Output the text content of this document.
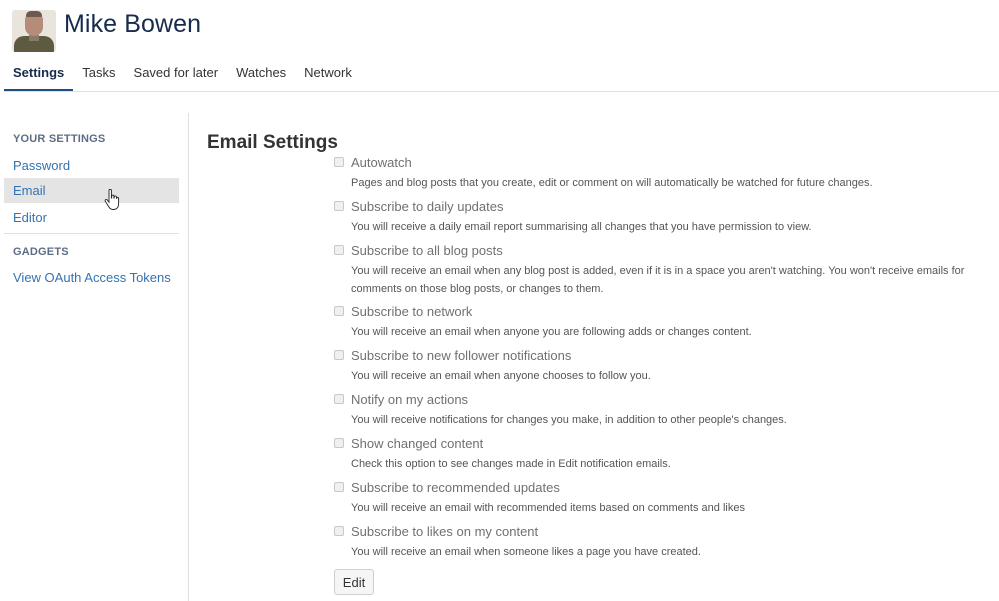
Mike Bowen
Settings	Tasks	Saved for later	Watches	Network
YOUR SETTINGS
Password
Email
Editor
GADGETS
View OAuth Access Tokens
Email Settings
Autowatch
Pages and blog posts that you create, edit or comment on will automatically be watched for future changes.
Subscribe to daily updates
You will receive a daily email report summarising all changes that you have permission to view.
Subscribe to all blog posts
You will receive an email when any blog post is added, even if it is in a space you aren't watching. You won't receive emails for comments on those blog posts, or changes to them.
Subscribe to network
You will receive an email when anyone you are following adds or changes content.
Subscribe to new follower notifications
You will receive an email when anyone chooses to follow you.
Notify on my actions
You will receive notifications for changes you make, in addition to other people's changes.
Show changed content
Check this option to see changes made in Edit notification emails.
Subscribe to recommended updates
You will receive an email with recommended items based on comments and likes
Subscribe to likes on my content
You will receive an email when someone likes a page you have created.
Edit
